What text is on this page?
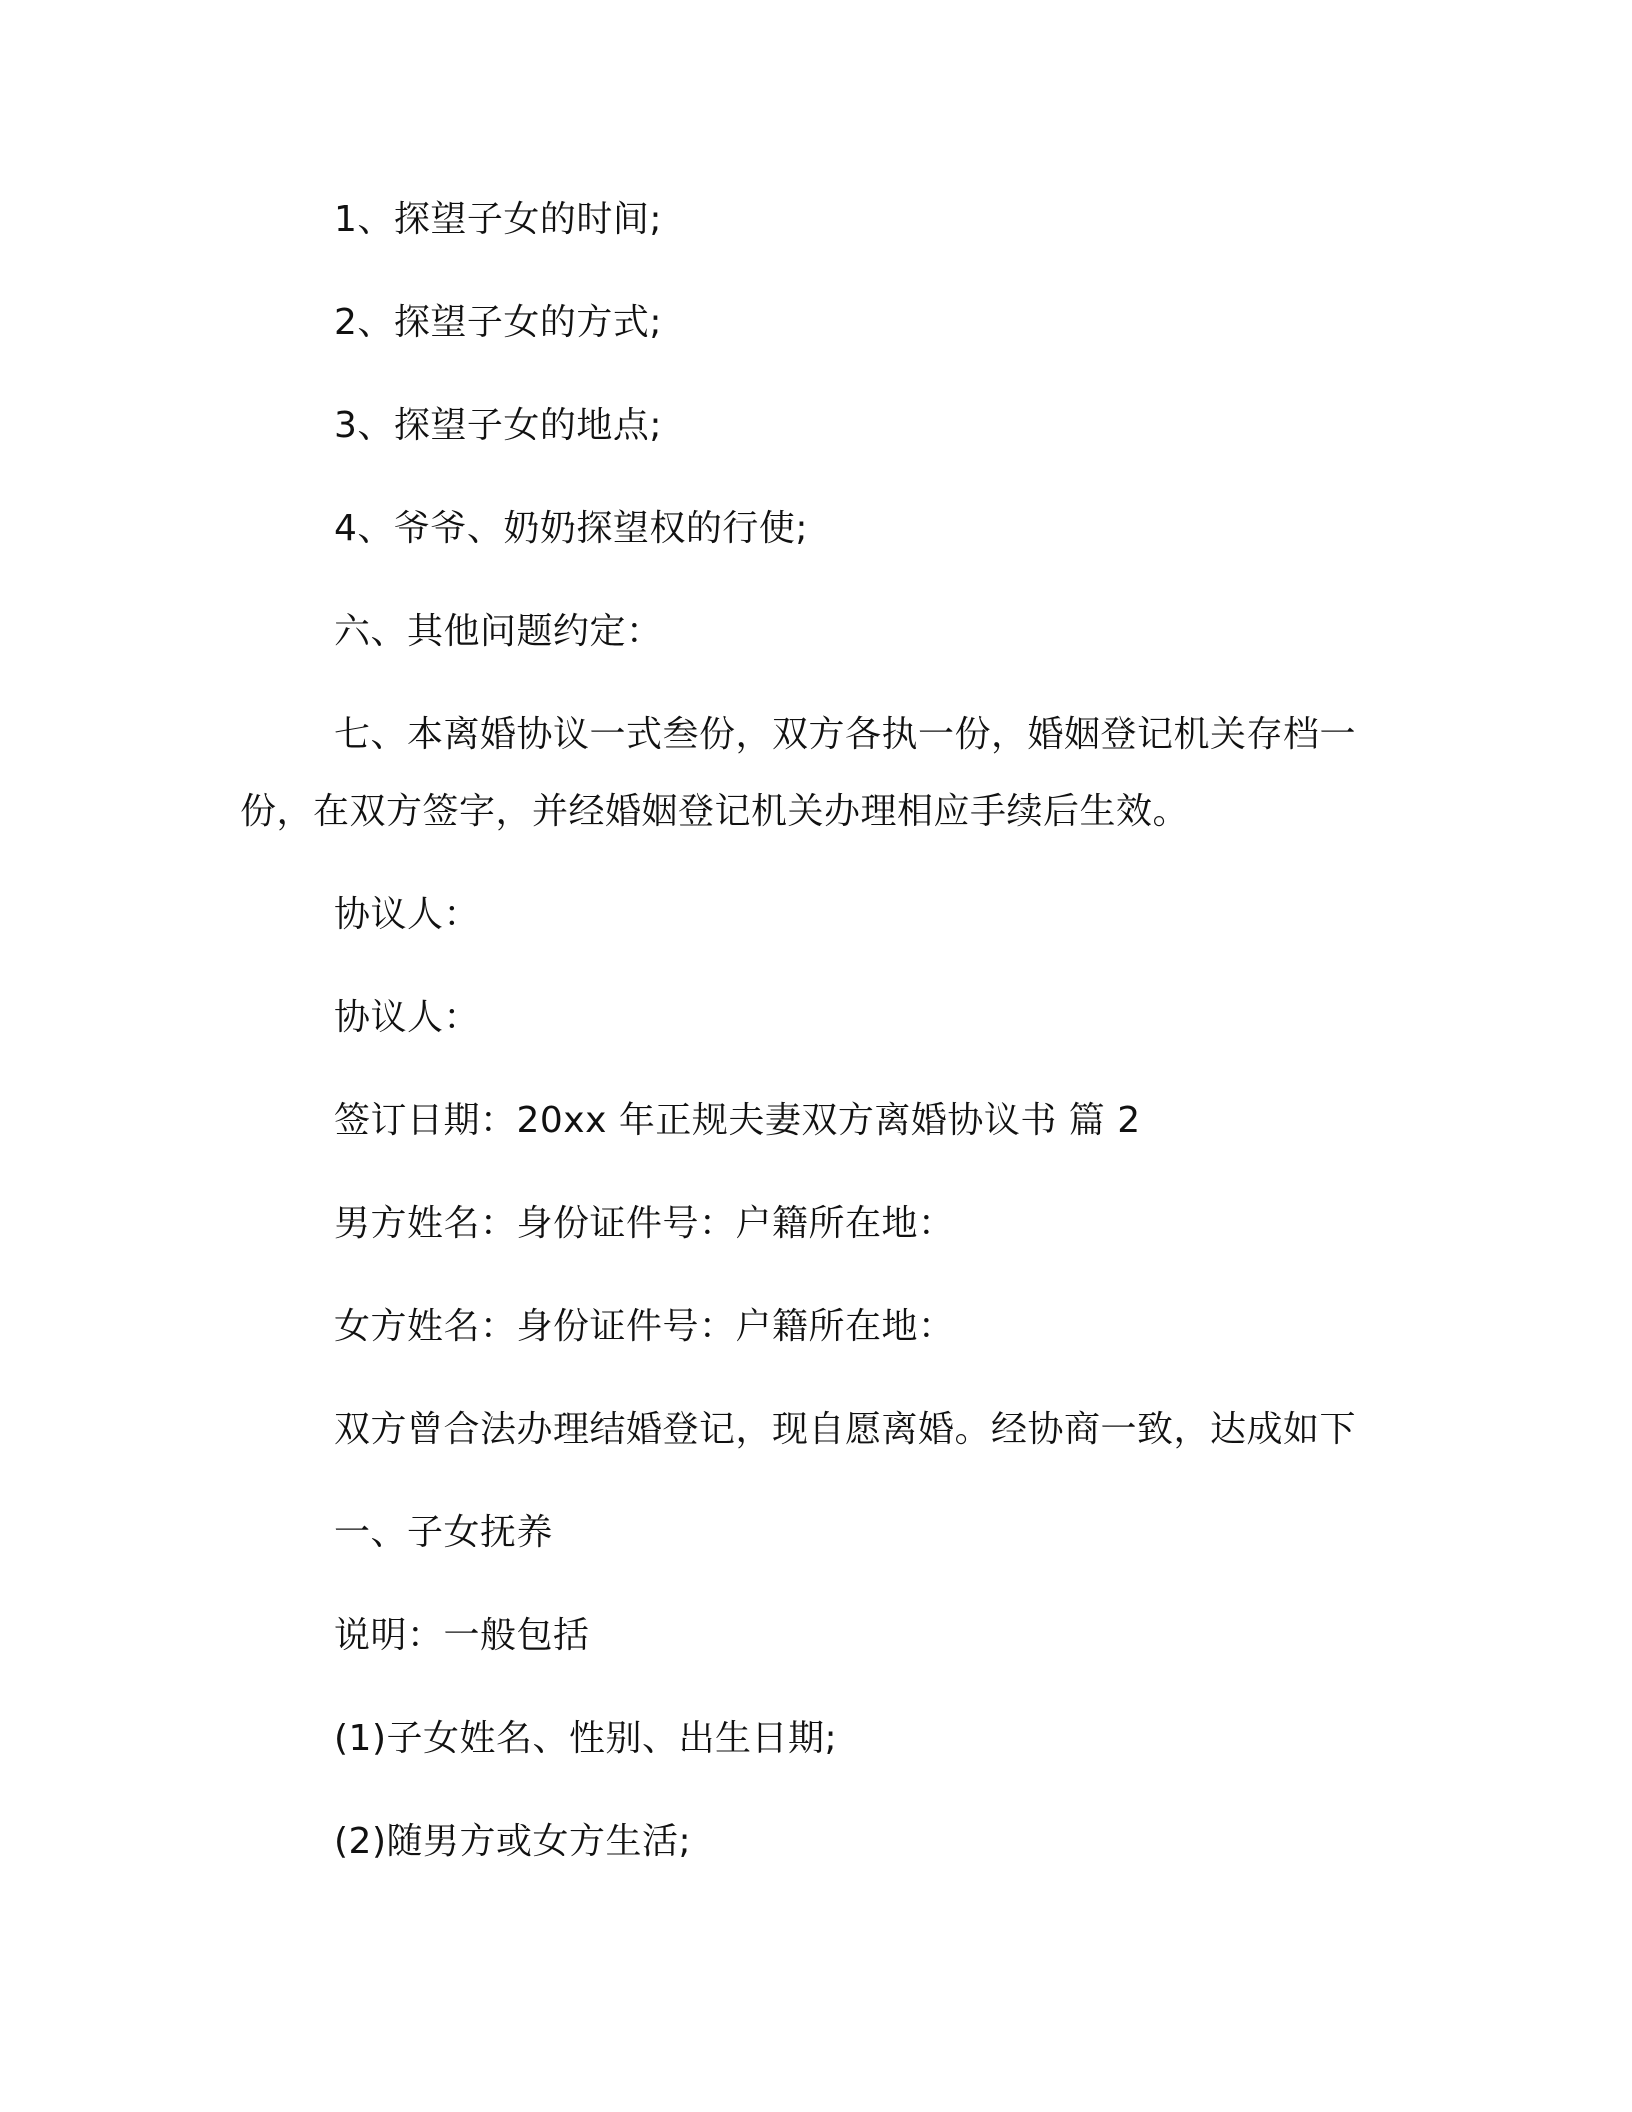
1、探望子女的时间;
2、探望子女的方式;
3、探望子女的地点;
4、爷爷、奶奶探望权的行使;
六、其他问题约定：
七、本离婚协议一式叁份，双方各执一份，婚姻登记机关存档一
份，在双方签字，并经婚姻登记机关办理相应手续后生效。
协议人：
协议人：
签订日期：20xx 年正规夫妻双方离婚协议书 篇 2
男方姓名：身份证件号：户籍所在地：
女方姓名：身份证件号：户籍所在地：
双方曾合法办理结婚登记，现自愿离婚。经协商一致，达成如下
一、子女抚养
说明：一般包括
(1)子女姓名、性别、出生日期;
(2)随男方或女方生活;
